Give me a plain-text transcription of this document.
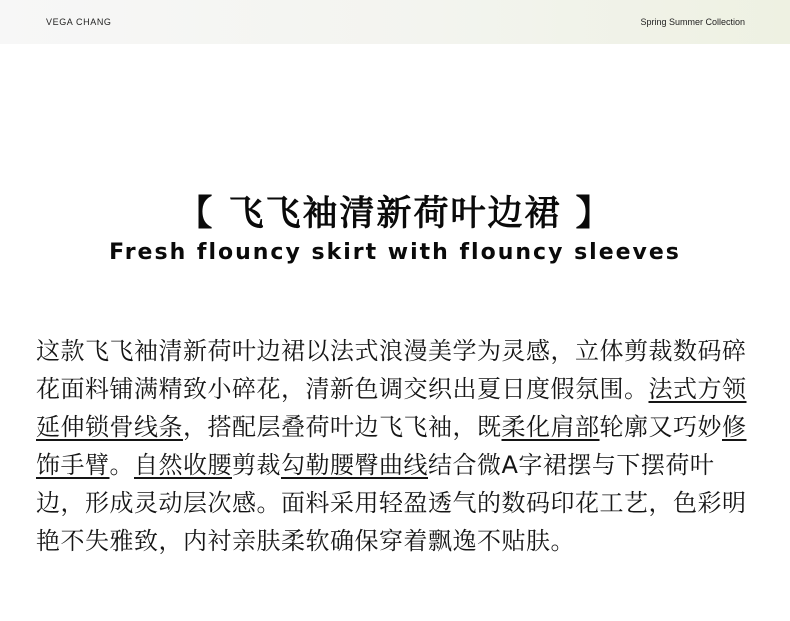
VEGA CHANG	Spring Summer Collection
【 飞飞袖清新荷叶边裙 】
Fresh flouncy skirt with flouncy sleeves
这款飞飞袖清新荷叶边裙以法式浪漫美学为灵感，立体剪裁数码碎花面料铺满精致小碎花，清新色调交织出夏日度假氛围。法式方领延伸锁骨线条，搭配层叠荷叶边飞飞袖，既柔化肩部轮廓又巧妙修饰手臂。自然收腰剪裁勾勒腰臀曲线结合微A字裙摆与下摆荷叶边，形成灵动层次感。面料采用轻盈透气的数码印花工艺，色彩明艳不失雅致，内衬亲肤柔软确保穿着飘逸不贴肤。
